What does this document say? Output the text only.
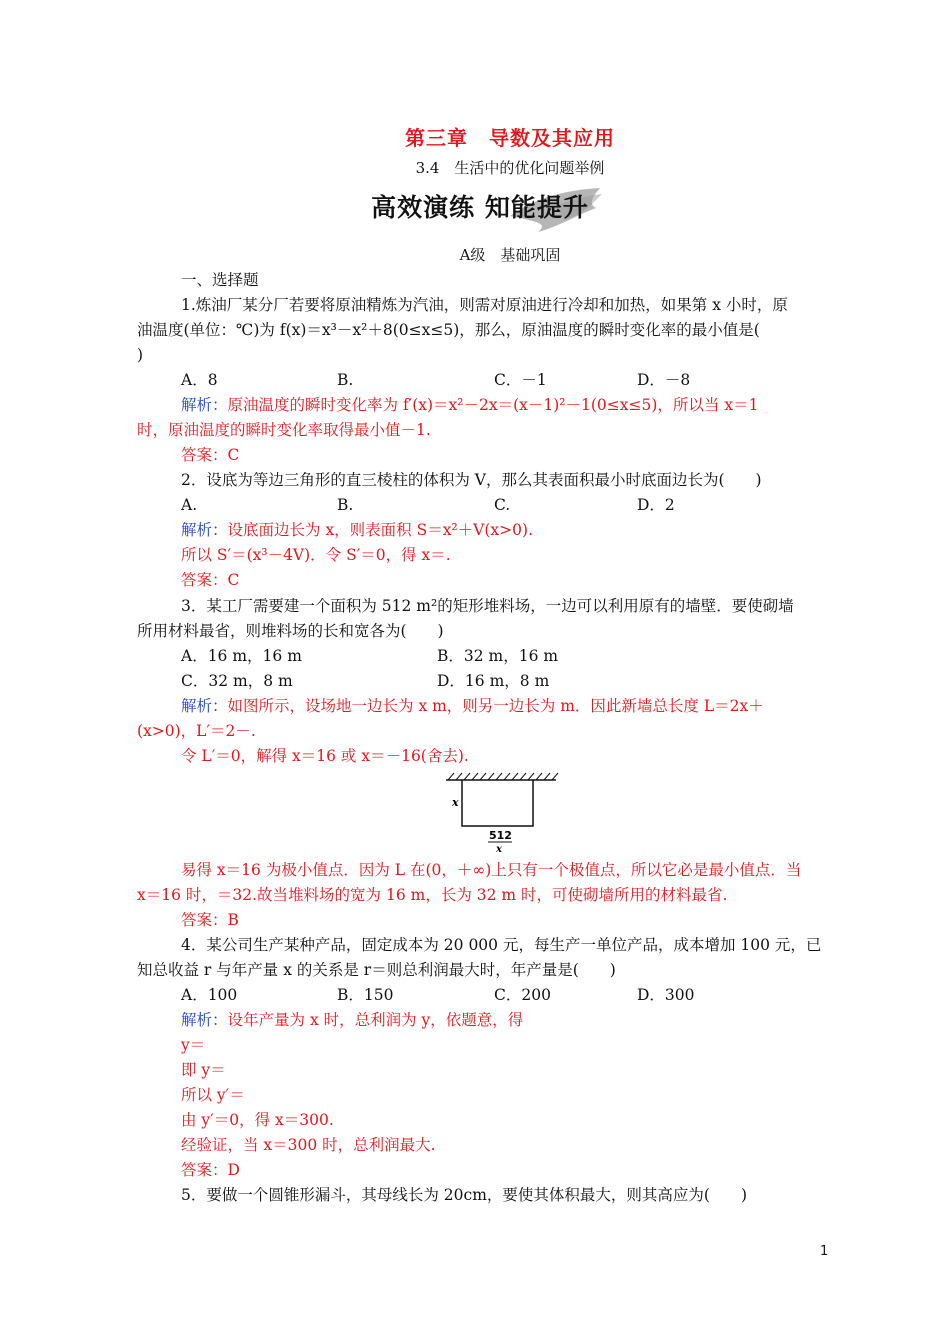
第三章　导数及其应用
3.4　生活中的优化问题举例
高效演练 知能提升
A级　基础巩固
一、选择题
1.炼油厂某分厂若要将原油精炼为汽油，则需对原油进行冷却和加热，如果第 x 小时，原
油温度(单位：℃)为 f(x)＝x³－x²＋8(0≤x≤5)，那么，原油温度的瞬时变化率的最小值是(
)
A．8	B.	C．－1	D．－8
解析：原油温度的瞬时变化率为 f′(x)＝x²－2x＝(x－1)²－1(0≤x≤5)，所以当 x＝1
时，原油温度的瞬时变化率取得最小值－1.
答案：C
2．设底为等边三角形的直三棱柱的体积为 V，那么其表面积最小时底面边长为(　　)
A.	B.	C.	D．2
解析：设底面边长为 x，则表面积 S＝x²＋V(x>0).
所以 S′＝(x³－4V)．令 S′＝0，得 x＝.
答案：C
3．某工厂需要建一个面积为 512 m²的矩形堆料场，一边可以利用原有的墙壁．要使砌墙
所用材料最省，则堆料场的长和宽各为(　　)
A．16 m，16 m	B．32 m，16 m
C．32 m，8 m	D．16 m，8 m
解析：如图所示，设场地一边长为 x m，则另一边长为 m．因此新墙总长度 L＝2x＋
(x>0)，L′＝2－.
令 L′＝0，解得 x＝16 或 x＝－16(舍去).
x
512
x
易得 x＝16 为极小值点．因为 L 在(0，＋∞)上只有一个极值点，所以它必是最小值点．当
x＝16 时，＝32.故当堆料场的宽为 16 m，长为 32 m 时，可使砌墙所用的材料最省.
答案：B
4．某公司生产某种产品，固定成本为 20 000 元，每生产一单位产品，成本增加 100 元，已
知总收益 r 与年产量 x 的关系是 r＝则总利润最大时，年产量是(　　)
A．100	B．150	C．200	D．300
解析：设年产量为 x 时，总利润为 y，依题意，得
y＝
即 y＝
所以 y′＝
由 y′＝0，得 x＝300.
经验证，当 x＝300 时，总利润最大.
答案：D
5．要做一个圆锥形漏斗，其母线长为 20cm，要使其体积最大，则其高应为(　　)
1
